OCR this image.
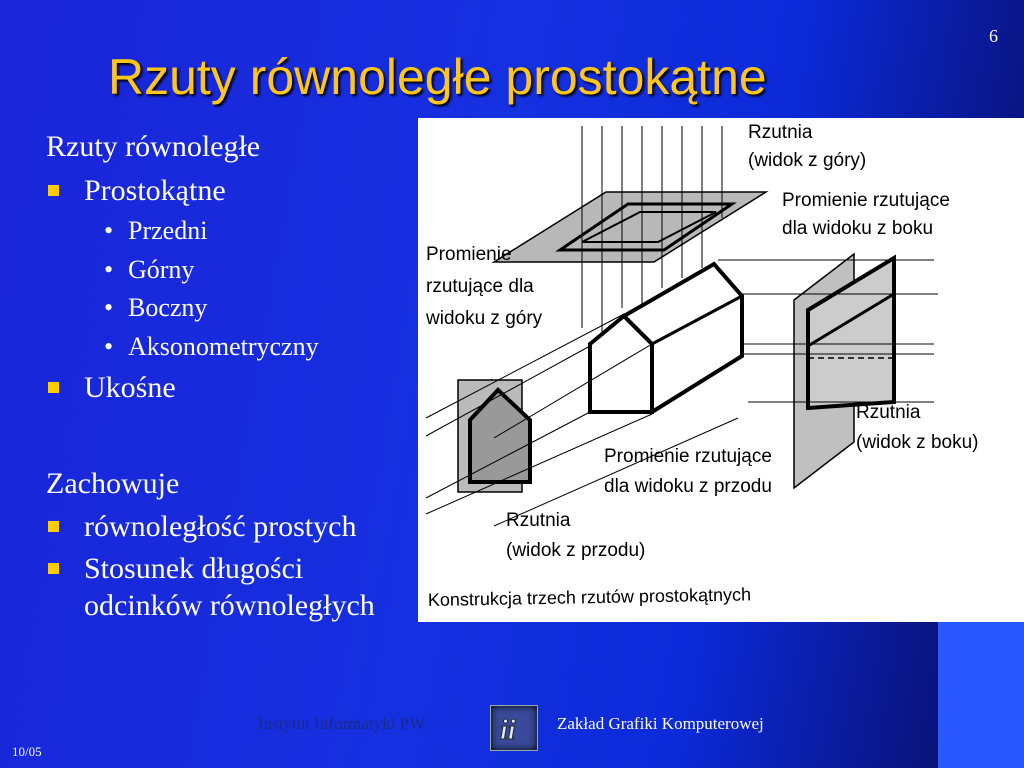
6
Rzuty równoległe prostokątne
Rzuty równoległe
Prostokątne
• Przedni
• Górny
• Boczny
• Aksonometryczny
Ukośne
Zachowuje
równoległość prostych
Stosunek długości odcinków równoległych
Rzutnia (widok z góry)
Promienie rzutujące dla widoku z boku
Promienie rzutujące dla widoku z góry
Rzutnia (widok z boku)
Promienie rzutujące dla widoku z przodu
Rzutnia (widok z przodu)
Konstrukcja trzech rzutów prostokątnych
Instytut Informatyki PW	ii Zakład Grafiki Komputerowej
10/05
